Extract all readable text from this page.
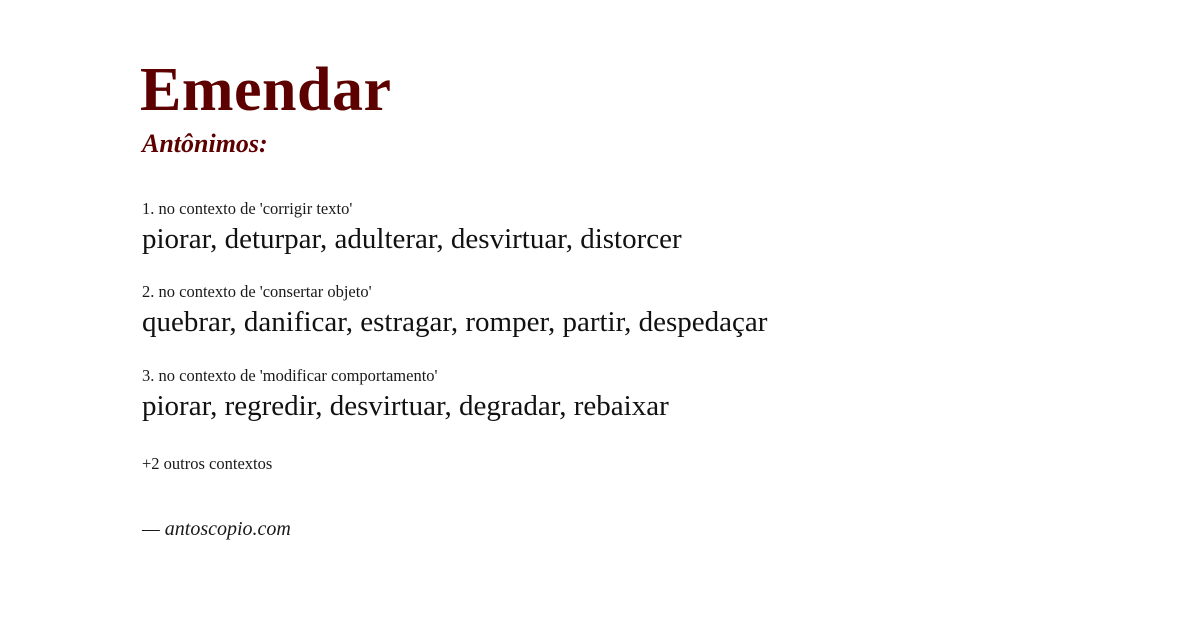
Emendar
Antônimos:

1. no contexto de 'corrigir texto'

piorar, deturpar, adulterar, desvirtuar, distorcer

2. no contexto de 'consertar objeto'

quebrar, danificar, estragar, romper, partir, despedaçar

3. no contexto de 'modificar comportamento'

piorar, regredir, desvirtuar, degradar, rebaixar

+2 outros contextos

— antoscopio.com
